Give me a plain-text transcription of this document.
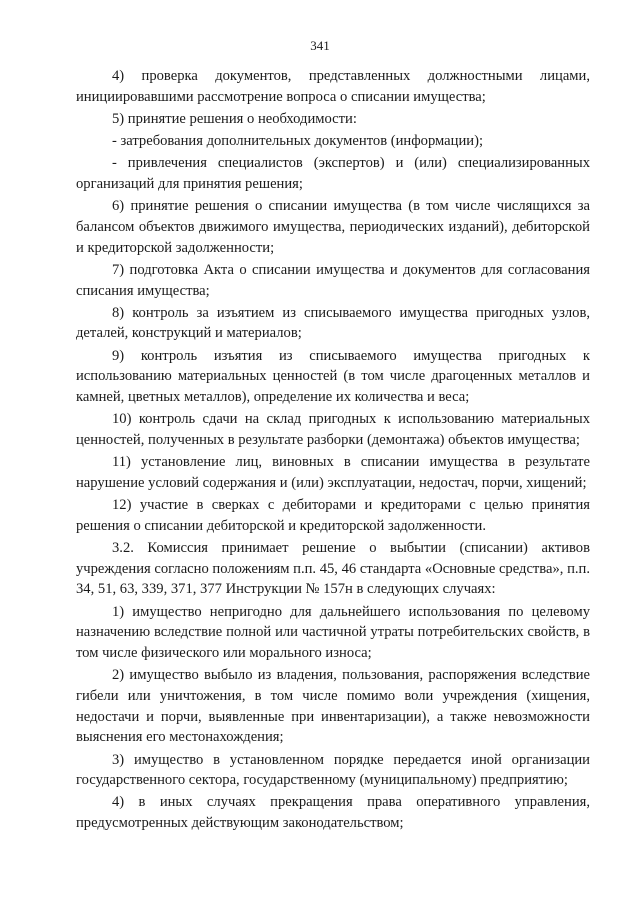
341

4) проверка документов, представленных должностными лицами, инициировавшими рассмотрение вопроса о списании имущества;

5) принятие решения о необходимости:

- затребования дополнительных документов (информации);

- привлечения специалистов (экспертов) и (или) специализированных организаций для принятия решения;

6) принятие решения о списании имущества (в том числе числящихся за балансом объектов движимого имущества, периодических изданий), дебиторской и кредиторской задолженности;

7) подготовка Акта о списании имущества и документов для согласования списания имущества;

8) контроль за изъятием из списываемого имущества пригодных узлов, деталей, конструкций и материалов;

9) контроль изъятия из списываемого имущества пригодных к использованию материальных ценностей (в том числе драгоценных металлов и камней, цветных металлов), определение их количества и веса;

10) контроль сдачи на склад пригодных к использованию материальных ценностей, полученных в результате разборки (демонтажа) объектов имущества;

11) установление лиц, виновных в списании имущества в результате нарушение условий содержания и (или) эксплуатации, недостач, порчи, хищений;

12) участие в сверках с дебиторами и кредиторами с целью принятия решения о списании дебиторской и кредиторской задолженности.

3.2. Комиссия принимает решение о выбытии (списании) активов учреждения согласно положениям п.п. 45, 46 стандарта «Основные средства», п.п. 34, 51, 63, 339, 371, 377 Инструкции № 157н в следующих случаях:

1) имущество непригодно для дальнейшего использования по целевому назначению вследствие полной или частичной утраты потребительских свойств, в том числе физического или морального износа;

2) имущество выбыло из владения, пользования, распоряжения вследствие гибели или уничтожения, в том числе помимо воли учреждения (хищения, недостачи и порчи, выявленные при инвентаризации), а также невозможности выяснения его местонахождения;

3) имущество в установленном порядке передается иной организации государственного сектора, государственному (муниципальному) предприятию;

4) в иных случаях прекращения права оперативного управления, предусмотренных действующим законодательством;
